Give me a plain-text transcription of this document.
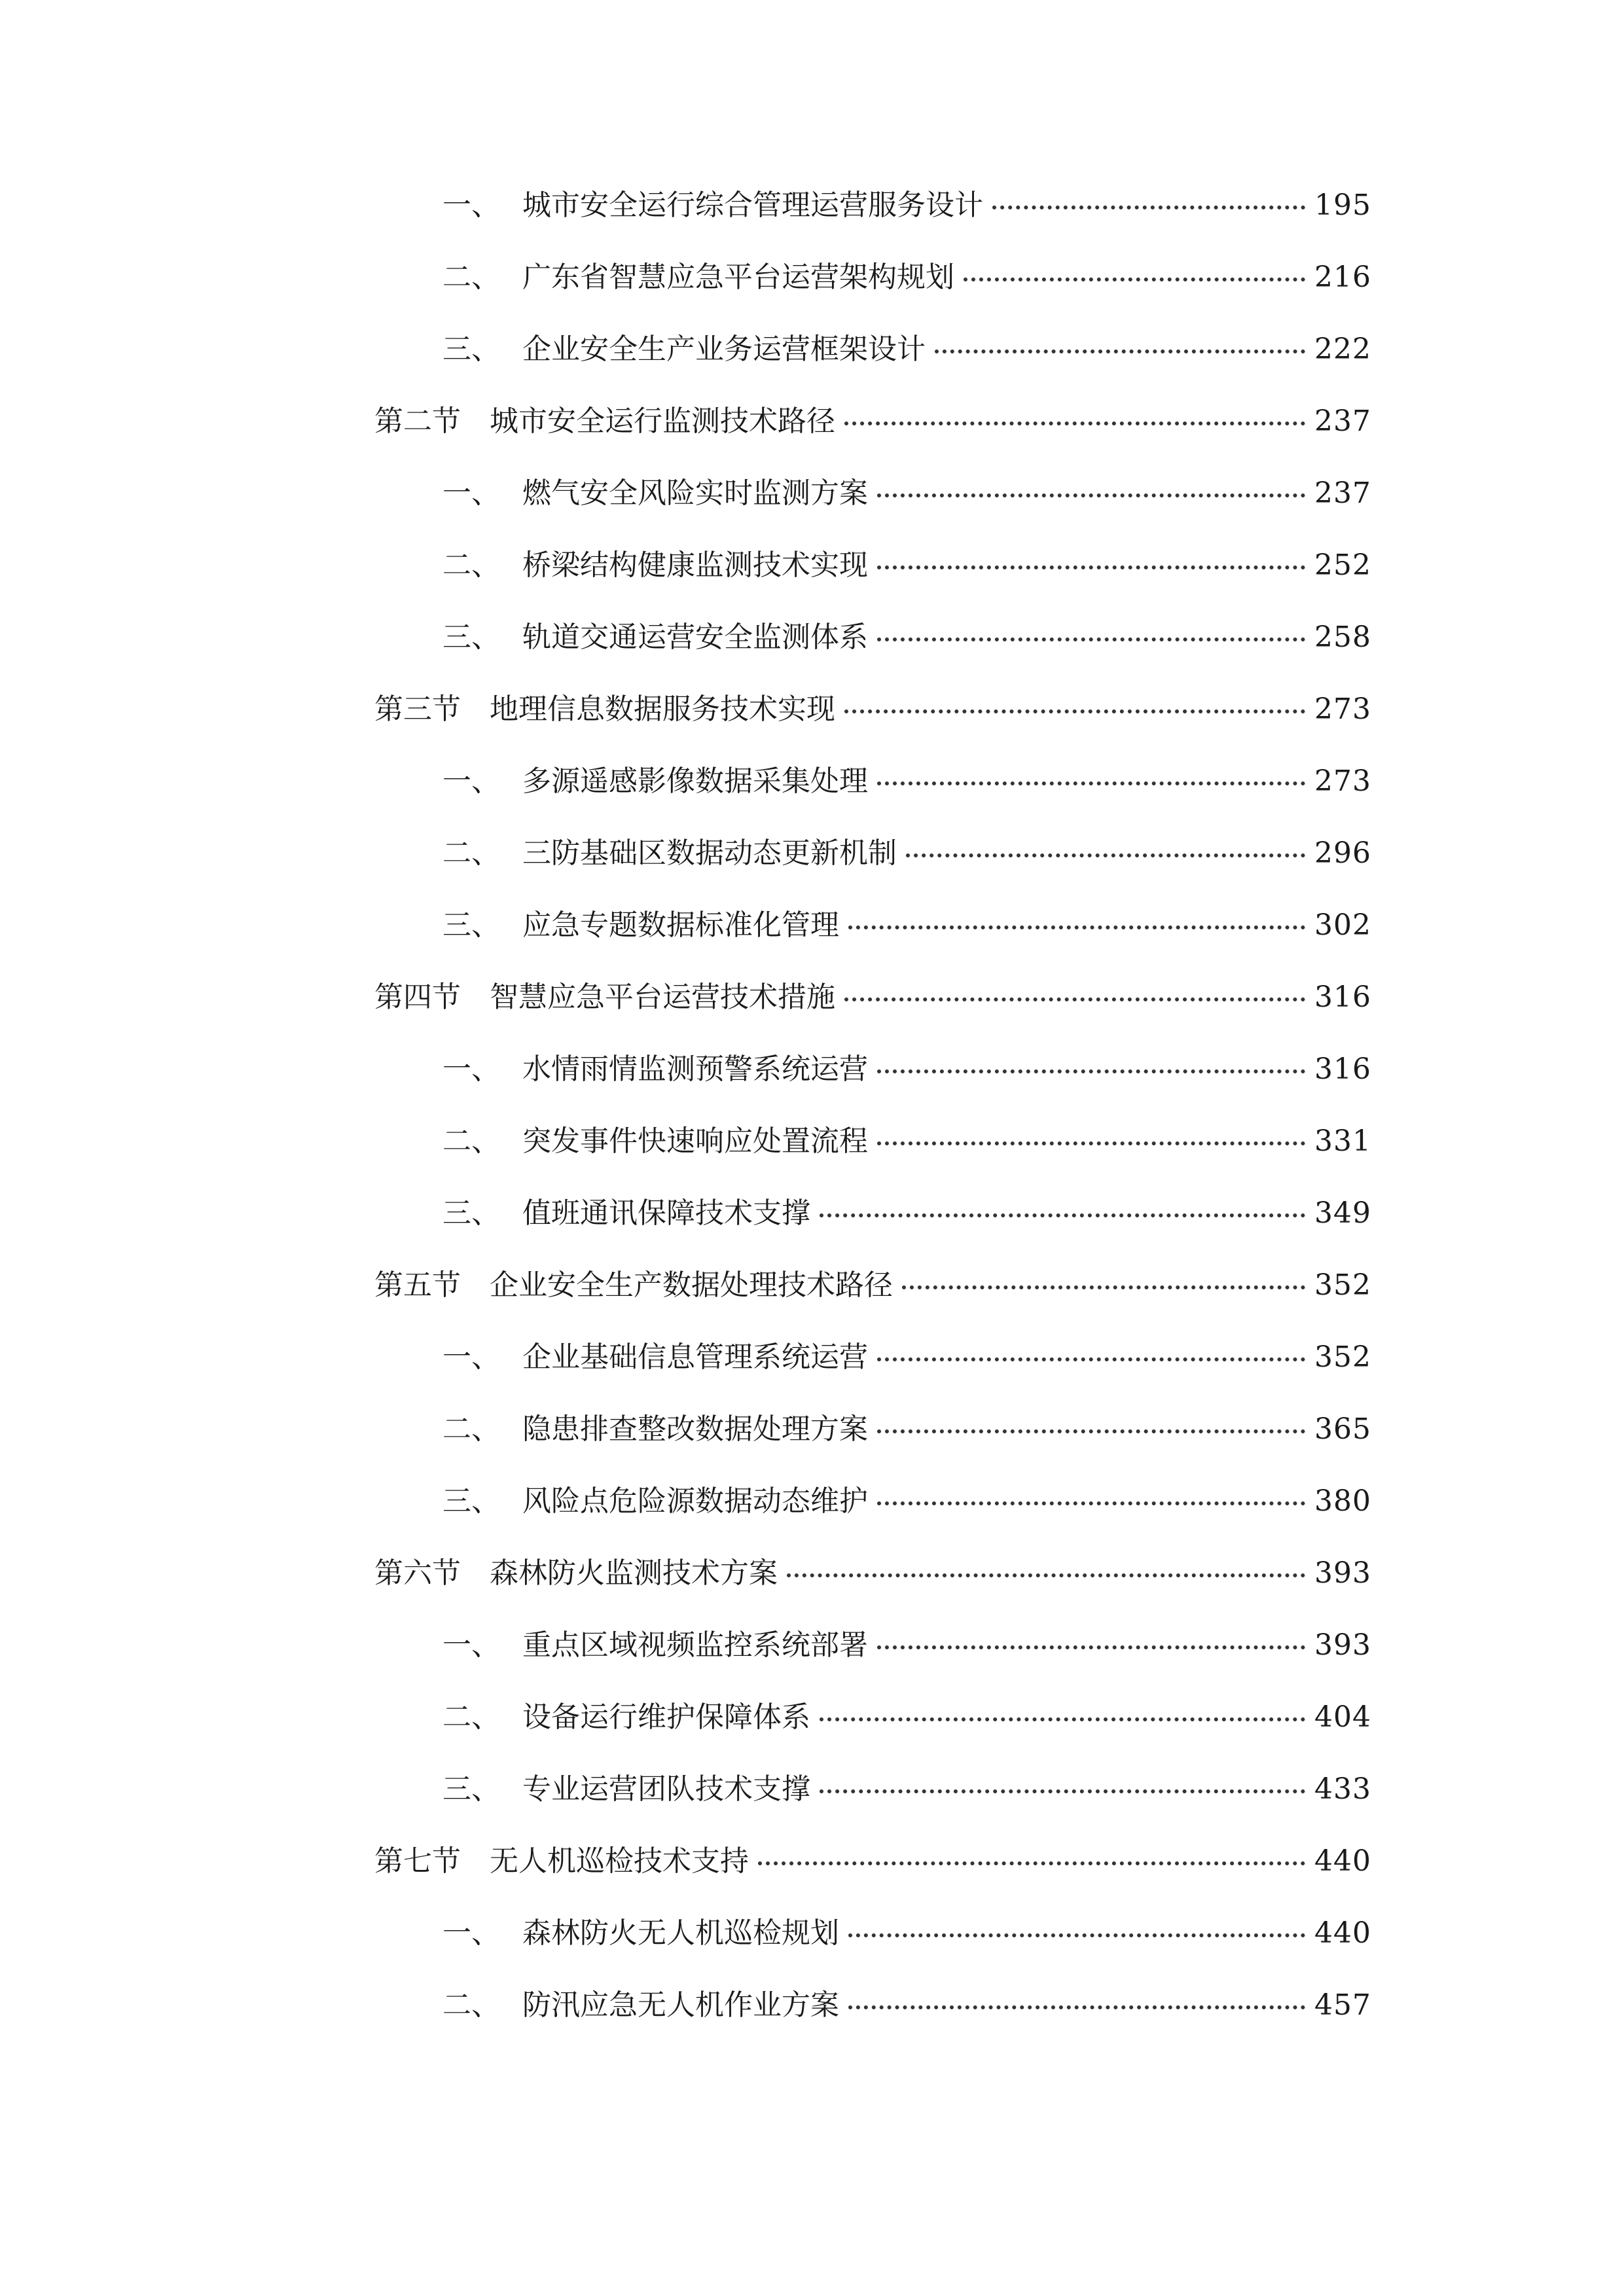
一、 城市安全运行综合管理运营服务设计	195
二、 广东省智慧应急平台运营架构规划	216
三、 企业安全生产业务运营框架设计	222
第二节	城市安全运行监测技术路径	237
一、 燃气安全风险实时监测方案	237
二、 桥梁结构健康监测技术实现	252
三、 轨道交通运营安全监测体系	258
第三节	地理信息数据服务技术实现	273
一、 多源遥感影像数据采集处理	273
二、 三防基础区数据动态更新机制	296
三、 应急专题数据标准化管理	302
第四节	智慧应急平台运营技术措施	316
一、 水情雨情监测预警系统运营	316
二、 突发事件快速响应处置流程	331
三、 值班通讯保障技术支撑	349
第五节	企业安全生产数据处理技术路径	352
一、 企业基础信息管理系统运营	352
二、 隐患排查整改数据处理方案	365
三、 风险点危险源数据动态维护	380
第六节	森林防火监测技术方案	393
一、 重点区域视频监控系统部署	393
二、 设备运行维护保障体系	404
三、 专业运营团队技术支撑	433
第七节	无人机巡检技术支持	440
一、 森林防火无人机巡检规划	440
二、 防汛应急无人机作业方案	457
